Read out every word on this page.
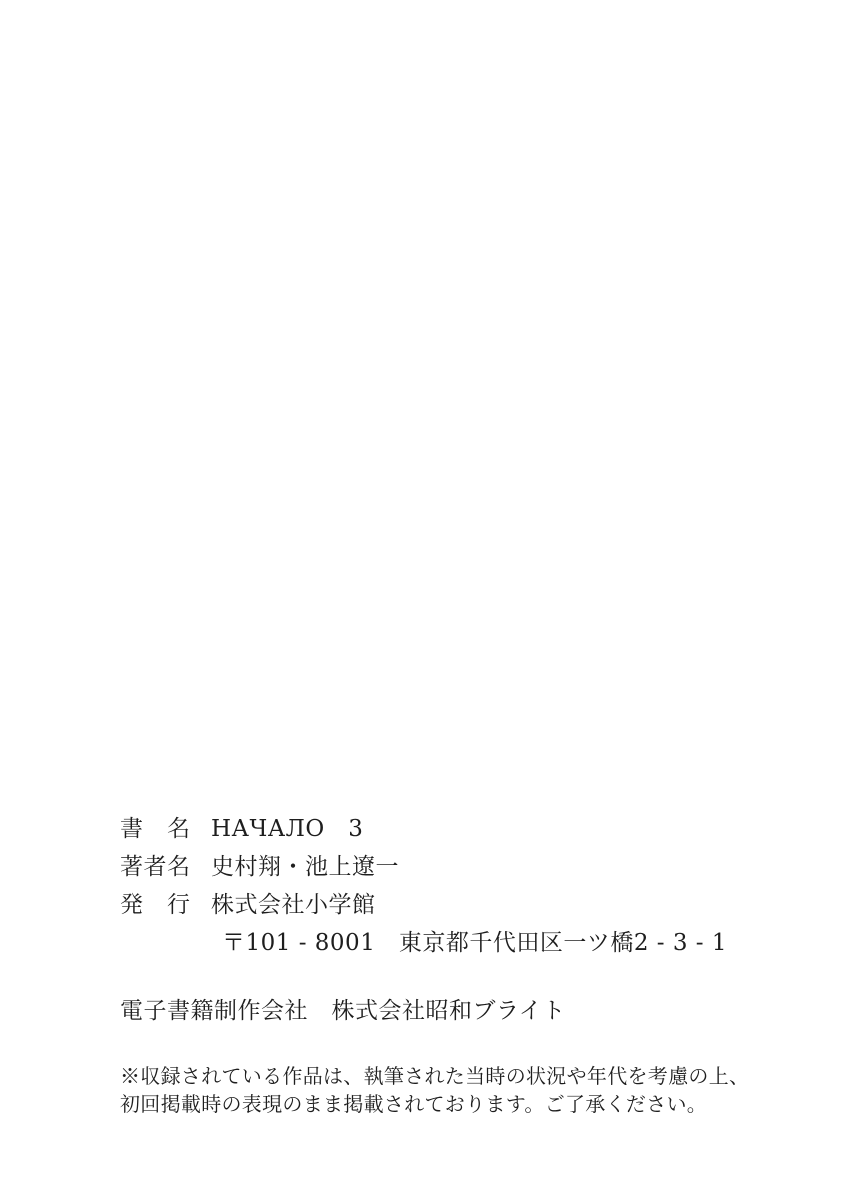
書　名 НАЧАЛО　3
著者名 史村翔・池上遼一
発　行 株式会社小学館
〒101 - 8001　東京都千代田区一ツ橋2 - 3 - 1
電子書籍制作会社　株式会社昭和ブライト
※収録されている作品は、執筆された当時の状況や年代を考慮の上、
初回掲載時の表現のまま掲載されております。ご了承ください。
